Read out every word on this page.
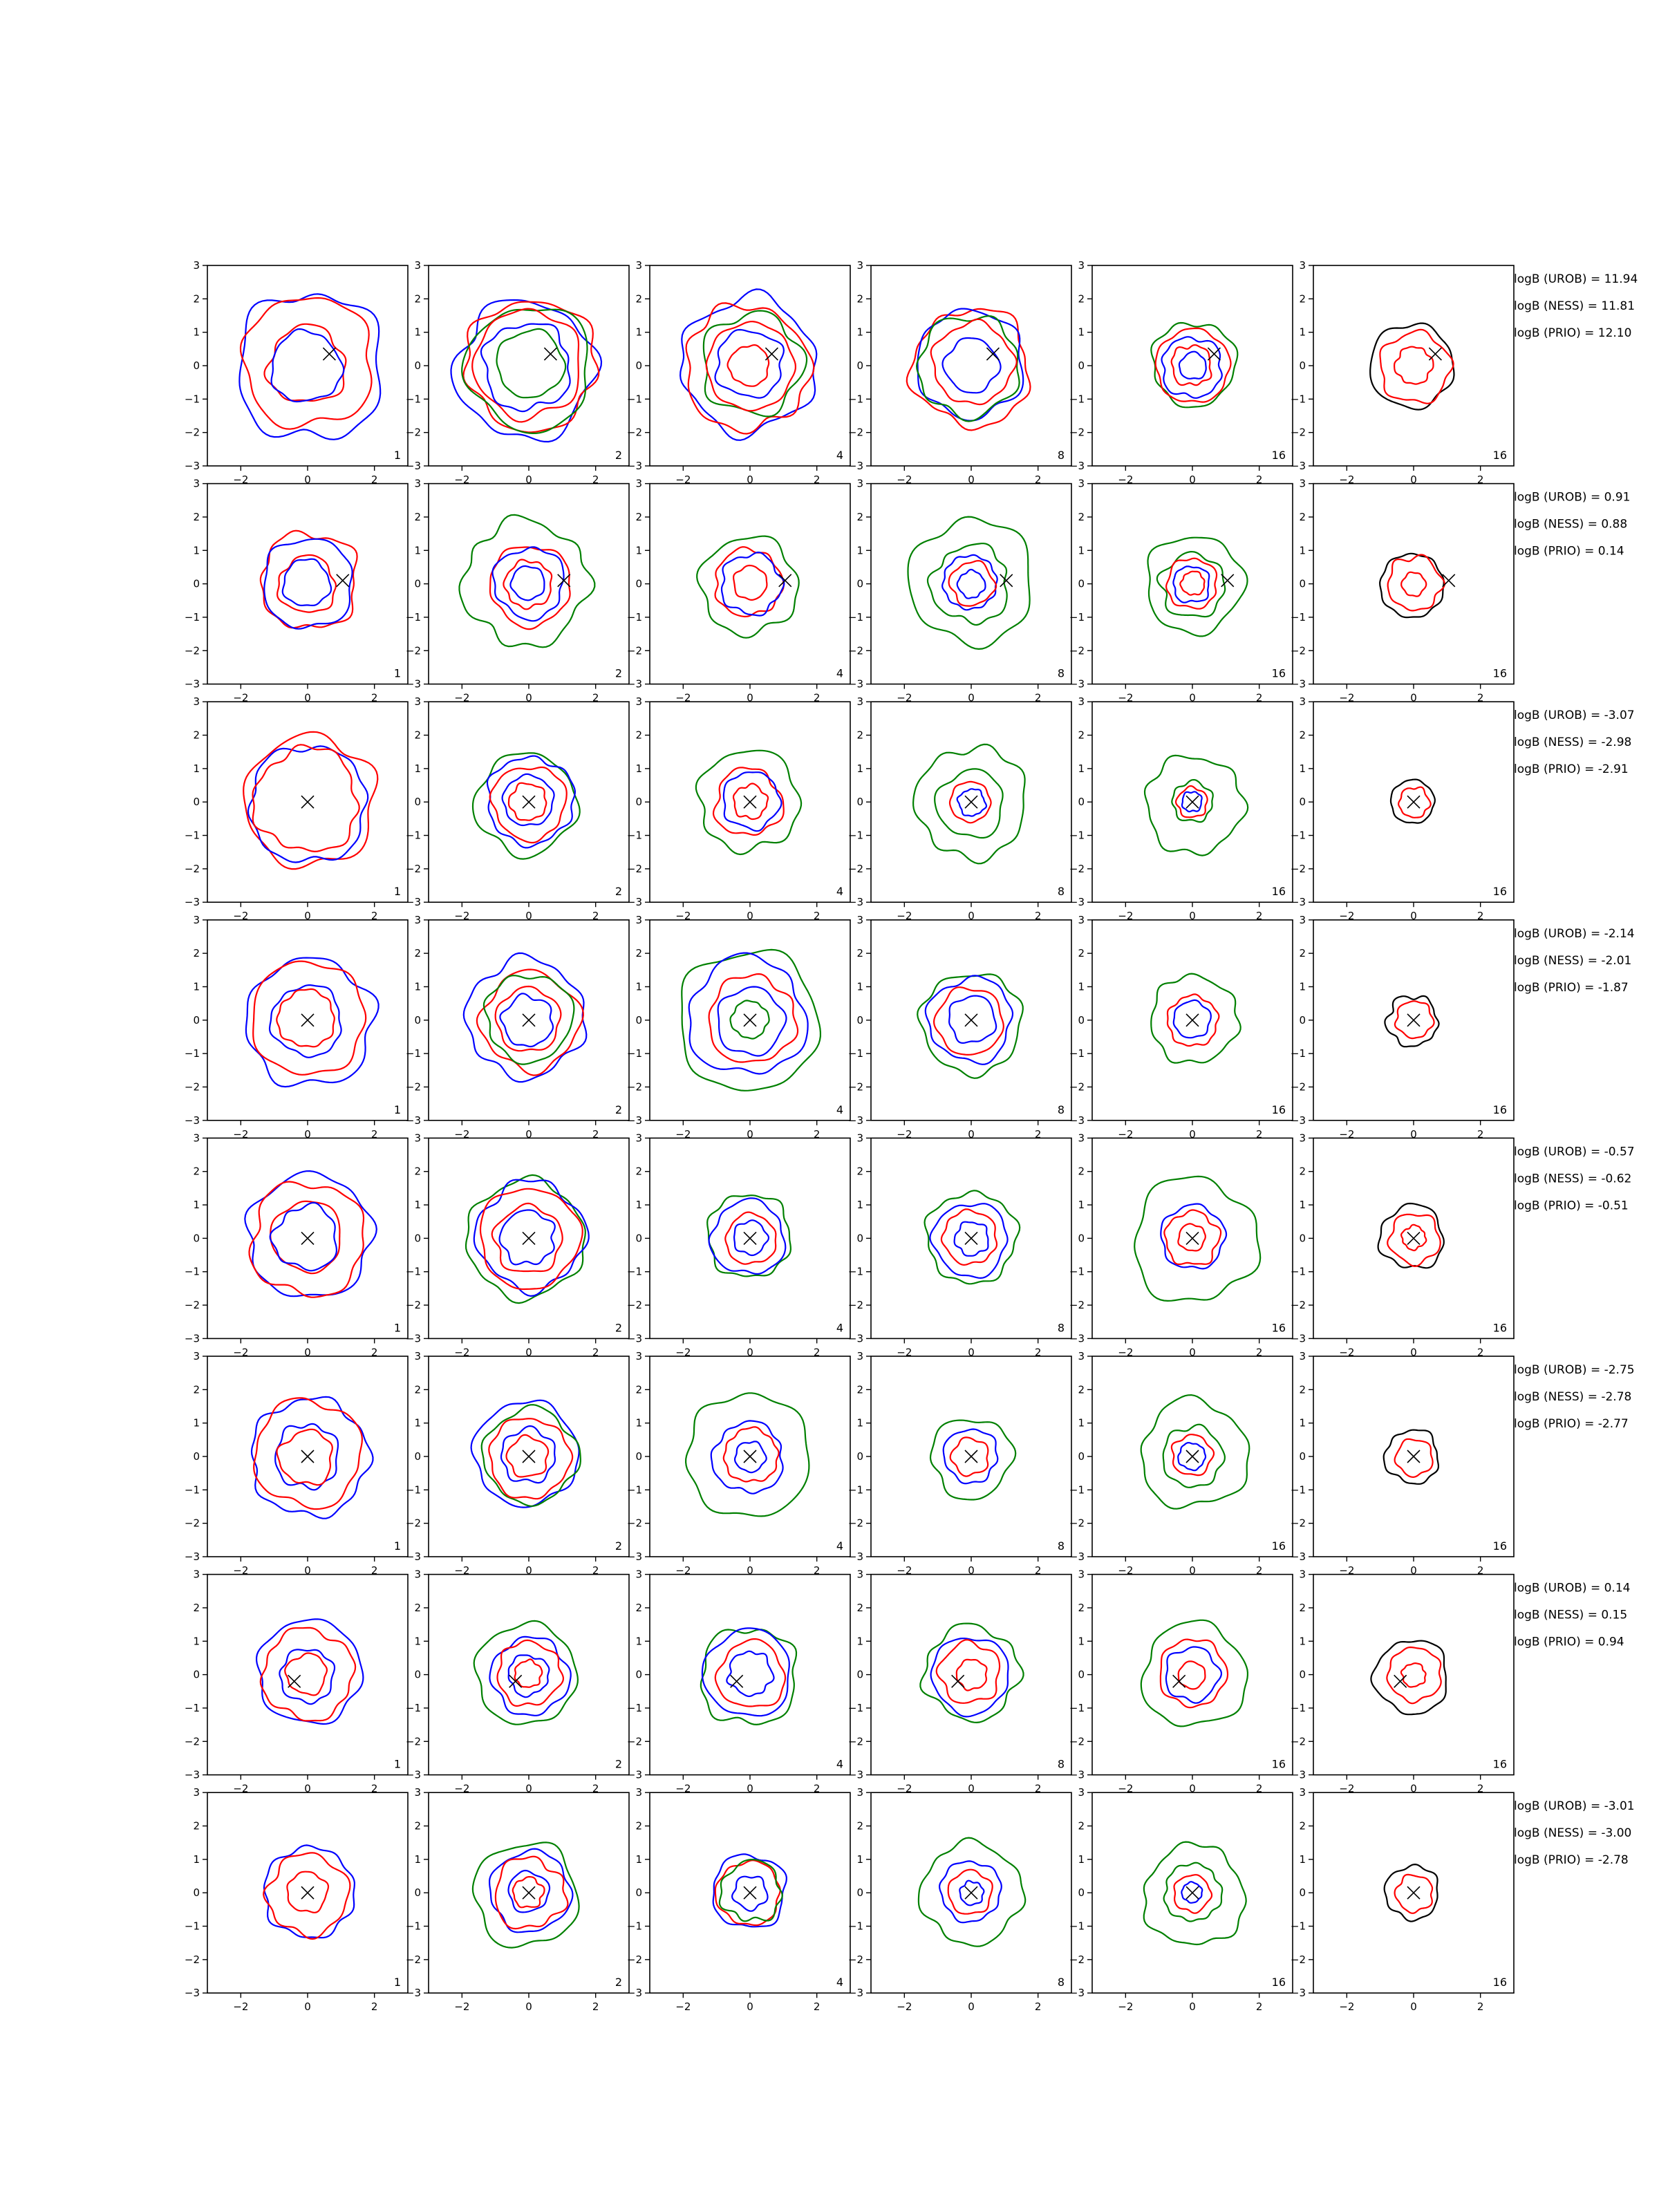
−3
−2
−1
0
1
2
3
−2	0	2
1
−3
−2
−1
0
1
2
3
−2	0	2
2
−3
−2
−1
0
1
2
3
−2	0	2
4
−3
−2
−1
0
1
2
3
−2	0	2
8
−3
−2
−1
0
1
2
3
−2	0	2
16
−3
−2
−1
0
1
2
3
−2	0	2
16
logB (UROB) = 11.94
logB (NESS) = 11.81
logB (PRIO) = 12.10
−3
−2
−1
0
1
2
3
−2	0	2
1
−3
−2
−1
0
1
2
3
−2	0	2
2
−3
−2
−1
0
1
2
3
−2	0	2
4
−3
−2
−1
0
1
2
3
−2	0	2
8
−3
−2
−1
0
1
2
3
−2	0	2
16
−3
−2
−1
0
1
2
3
−2	0	2
16
logB (UROB) = 0.91
logB (NESS) = 0.88
logB (PRIO) = 0.14
−3
−2
−1
0
1
2
3
−2	0	2
1
−3
−2
−1
0
1
2
3
−2	0	2
2
−3
−2
−1
0
1
2
3
−2	0	2
4
−3
−2
−1
0
1
2
3
−2	0	2
8
−3
−2
−1
0
1
2
3
−2	0	2
16
−3
−2
−1
0
1
2
3
−2	0	2
16
logB (UROB) = -3.07
logB (NESS) = -2.98
logB (PRIO) = -2.91
−3
−2
−1
0
1
2
3
−2	0	2
1
−3
−2
−1
0
1
2
3
−2	0	2
2
−3
−2
−1
0
1
2
3
−2	0	2
4
−3
−2
−1
0
1
2
3
−2	0	2
8
−3
−2
−1
0
1
2
3
−2	0	2
16
−3
−2
−1
0
1
2
3
−2	0	2
16
logB (UROB) = -2.14
logB (NESS) = -2.01
logB (PRIO) = -1.87
−3
−2
−1
0
1
2
3
−2	0	2
1
−3
−2
−1
0
1
2
3
−2	0	2
2
−3
−2
−1
0
1
2
3
−2	0	2
4
−3
−2
−1
0
1
2
3
−2	0	2
8
−3
−2
−1
0
1
2
3
−2	0	2
16
−3
−2
−1
0
1
2
3
−2	0	2
16
logB (UROB) = -0.57
logB (NESS) = -0.62
logB (PRIO) = -0.51
−3
−2
−1
0
1
2
3
−2	0	2
1
−3
−2
−1
0
1
2
3
−2	0	2
2
−3
−2
−1
0
1
2
3
−2	0	2
4
−3
−2
−1
0
1
2
3
−2	0	2
8
−3
−2
−1
0
1
2
3
−2	0	2
16
−3
−2
−1
0
1
2
3
−2	0	2
16
logB (UROB) = -2.75
logB (NESS) = -2.78
logB (PRIO) = -2.77
−3
−2
−1
0
1
2
3
−2	0	2
1
−3
−2
−1
0
1
2
3
−2	0	2
2
−3
−2
−1
0
1
2
3
−2	0	2
4
−3
−2
−1
0
1
2
3
−2	0	2
8
−3
−2
−1
0
1
2
3
−2	0	2
16
−3
−2
−1
0
1
2
3
−2	0	2
16
logB (UROB) = 0.14
logB (NESS) = 0.15
logB (PRIO) = 0.94
−3
−2
−1
0
1
2
3
−2	0	2
1
−3
−2
−1
0
1
2
3
−2	0	2
2
−3
−2
−1
0
1
2
3
−2	0	2
4
−3
−2
−1
0
1
2
3
−2	0	2
8
−3
−2
−1
0
1
2
3
−2	0	2
16
−3
−2
−1
0
1
2
3
−2	0	2
16
logB (UROB) = -3.01
logB (NESS) = -3.00
logB (PRIO) = -2.78
